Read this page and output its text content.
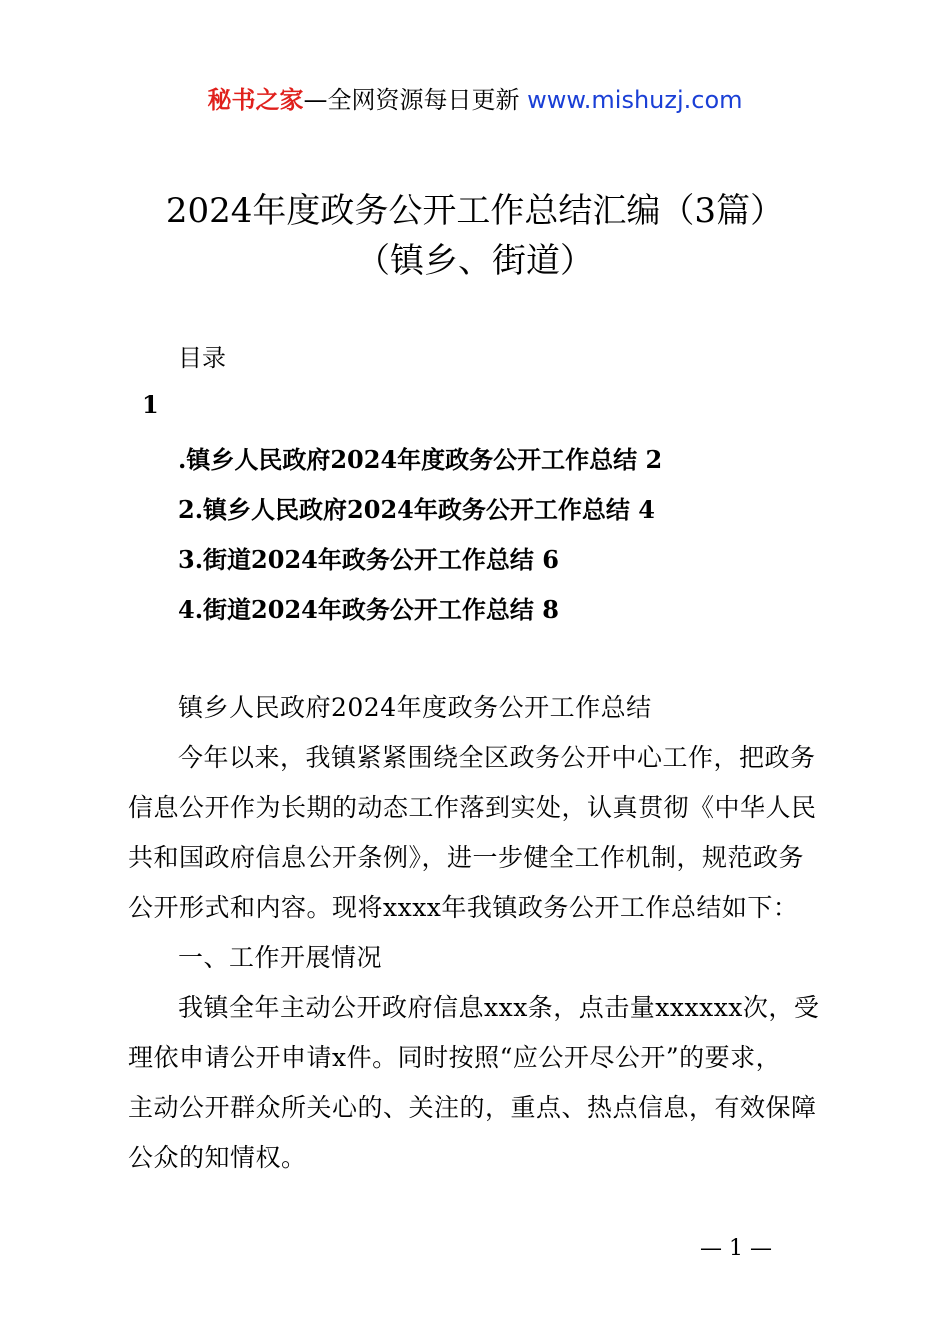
秘书之家—全网资源每日更新 www.mishuzj.com
2024年度政务公开工作总结汇编（3篇）
（镇乡、街道）
目录
1
.镇乡人民政府2024年度政务公开工作总结 2
2.镇乡人民政府2024年政务公开工作总结 4
3.街道2024年政务公开工作总结 6
4.街道2024年政务公开工作总结 8
镇乡人民政府2024年度政务公开工作总结
今年以来，我镇紧紧围绕全区政务公开中心工作，把政务
信息公开作为长期的动态工作落到实处，认真贯彻《中华人民
共和国政府信息公开条例》，进一步健全工作机制，规范政务
公开形式和内容。现将xxxx年我镇政务公开工作总结如下：
一、工作开展情况
我镇全年主动公开政府信息xxx条，点击量xxxxxx次，受
理依申请公开申请x件。同时按照“应公开尽公开”的要求，
主动公开群众所关心的、关注的，重点、热点信息，有效保障
公众的知情权。
— 1 —
